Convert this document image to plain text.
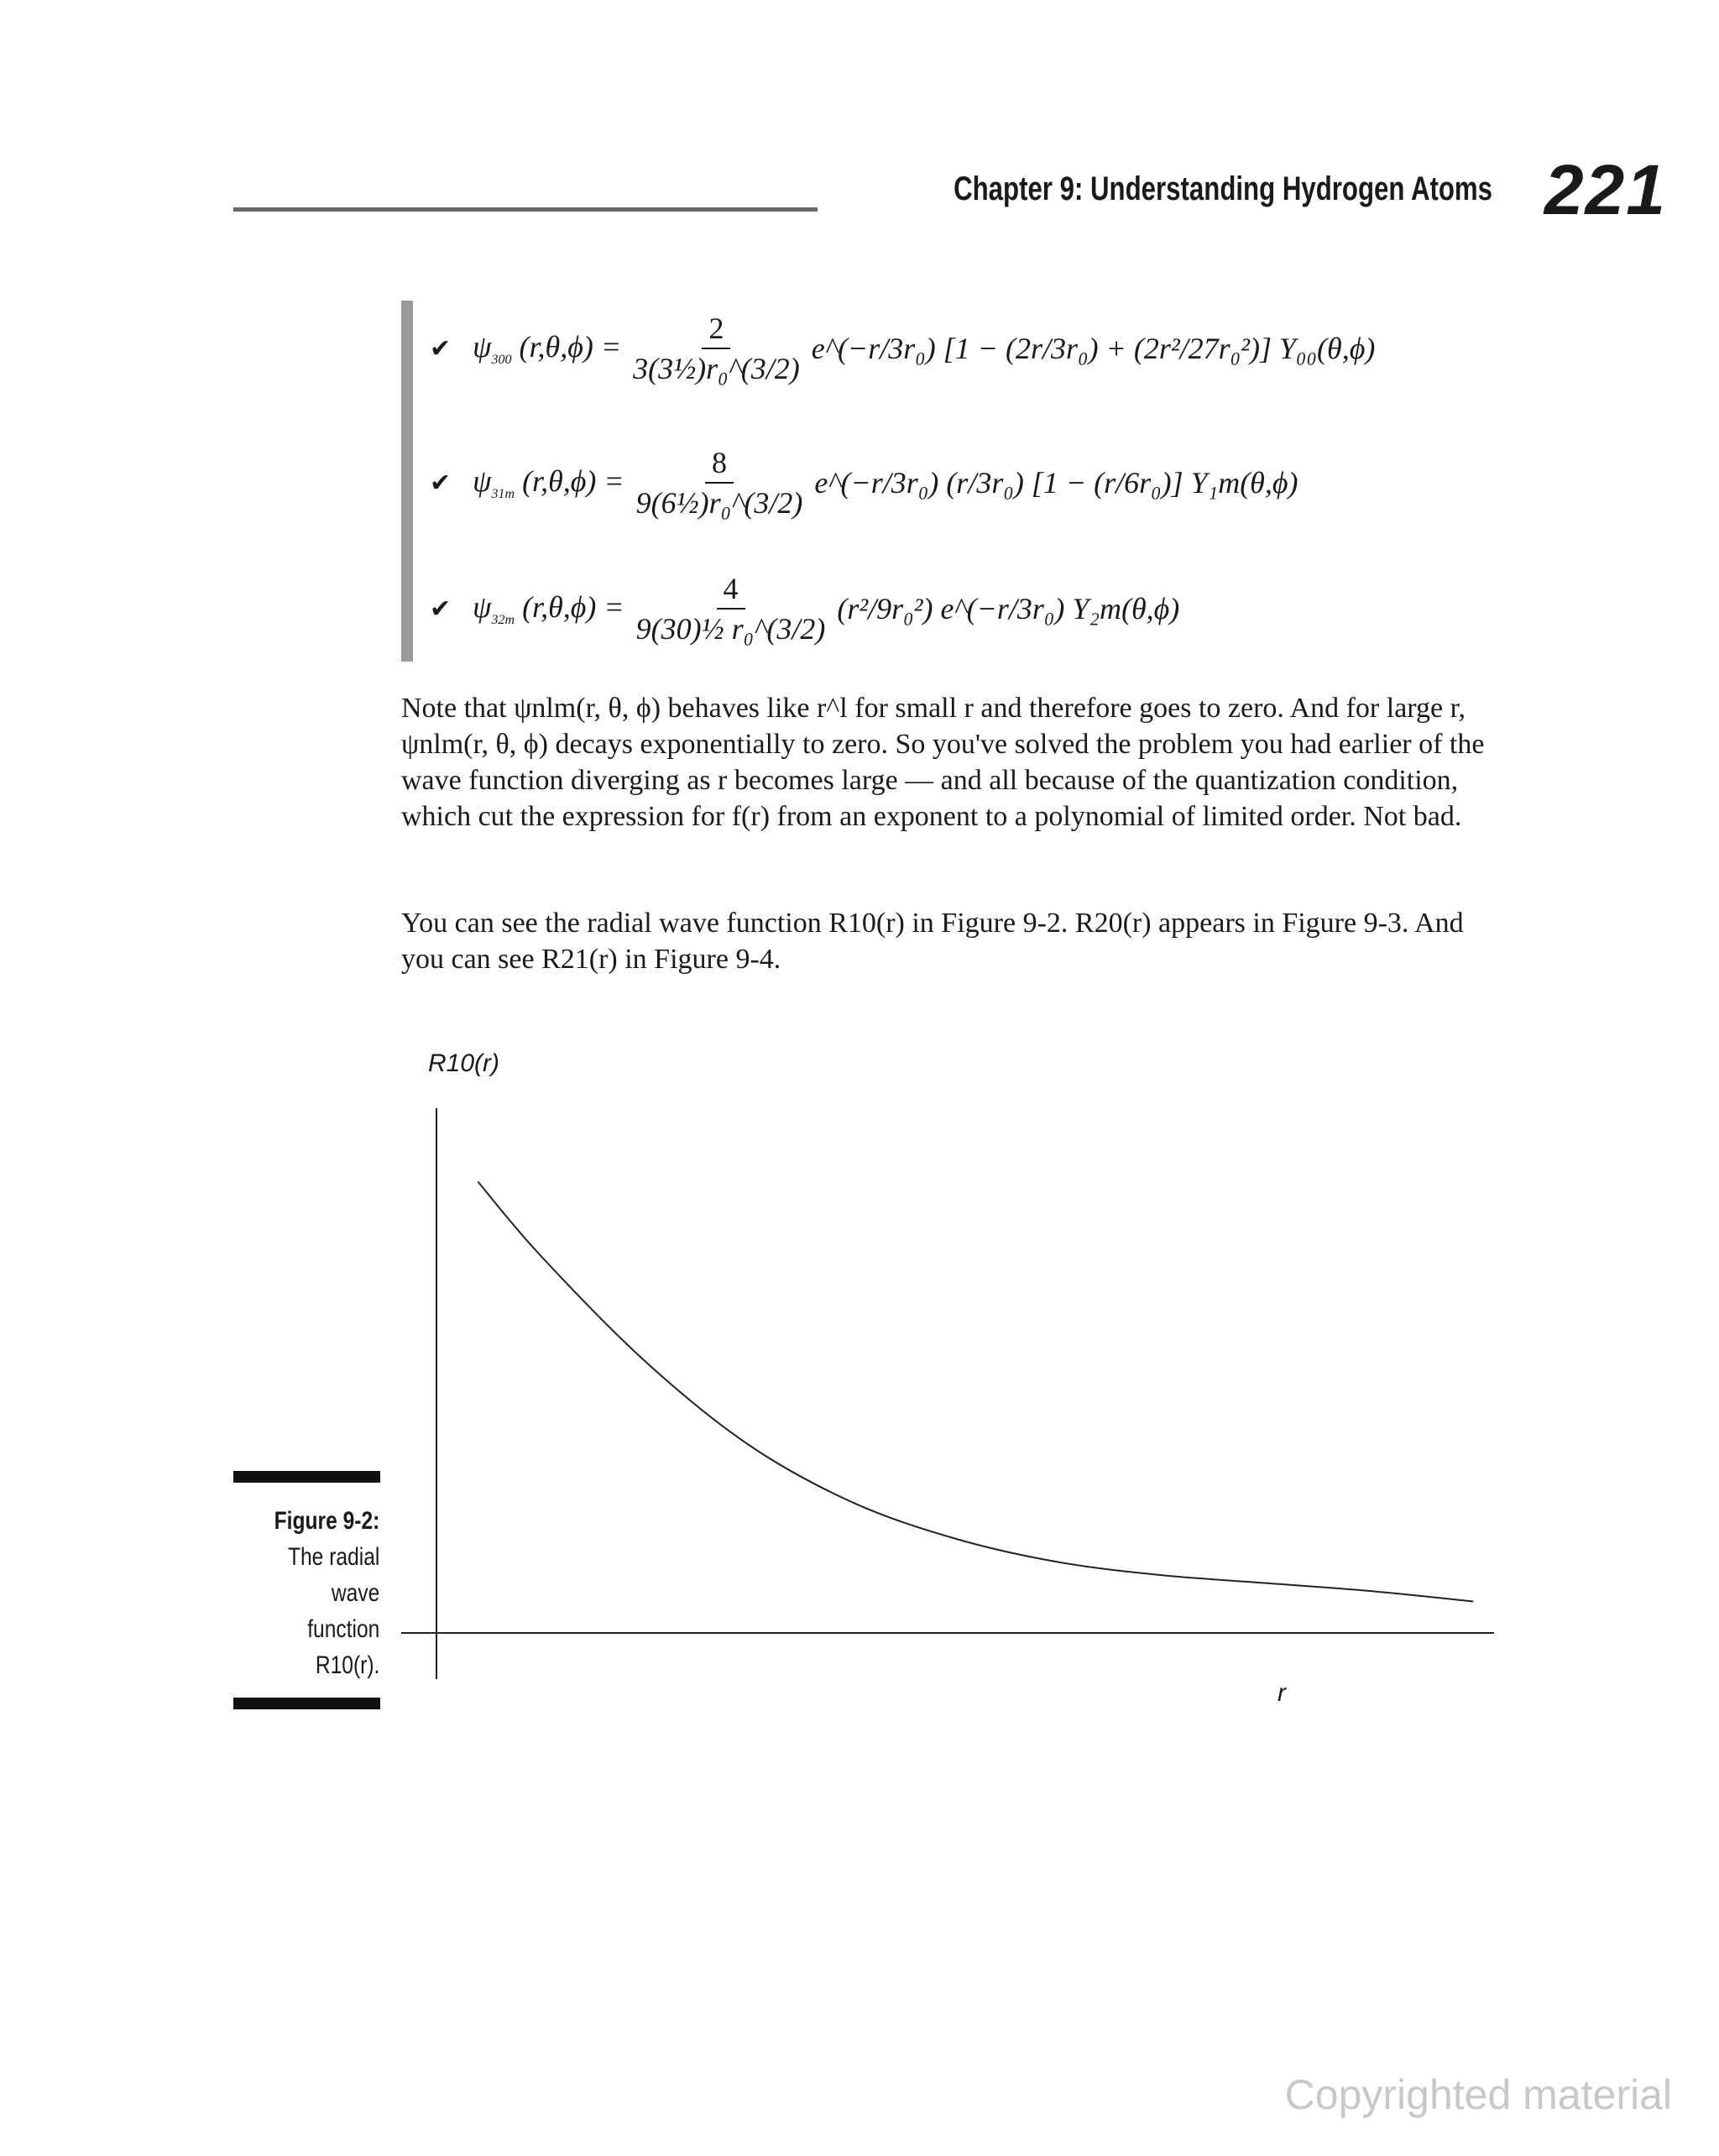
Chapter 9: Understanding Hydrogen Atoms 221
✔ $\psi_{300}$ $(r,\theta,\phi) = \frac{2}{\text{3(3½)r₀\textasciicircum{}(3/2)}}$ e^(−r/3r₀) [1 − (2r/3r₀) + (2r²/27r₀²)] Y₀₀(θ,ϕ)
✔ $\psi_{31m}$ $(r,\theta,\phi) = \frac{8}{\text{9(6½)r₀\textasciicircum{}(3/2)}}$ e^(−r/3r₀) (r/3r₀) [1 − (r/6r₀)] Y₁m(θ,ϕ)
✔ $\psi_{32m}$ $(r,\theta,\phi) = \frac{4}{\text{9(30)½ r₀\textasciicircum{}(3/2)}} (r^2/9r_0^2)$ e^(−r/3r₀) Y₂m(θ,ϕ)
Note that ψnlm(r, θ, ϕ) behaves like r^l for small r and therefore goes to zero. And for large r, ψnlm(r, θ, ϕ) decays exponentially to zero. So you've solved the problem you had earlier of the wave function diverging as r becomes large — and all because of the quantization condition, which cut the expression for f(r) from an exponent to a polynomial of limited order. Not bad.
You can see the radial wave function R10(r) in Figure 9-2. R20(r) appears in Figure 9-3. And you can see R21(r) in Figure 9-4.
R10(r)
r
Figure 9-2:
The radial
wave
function
R10(r).
Copyrighted material
